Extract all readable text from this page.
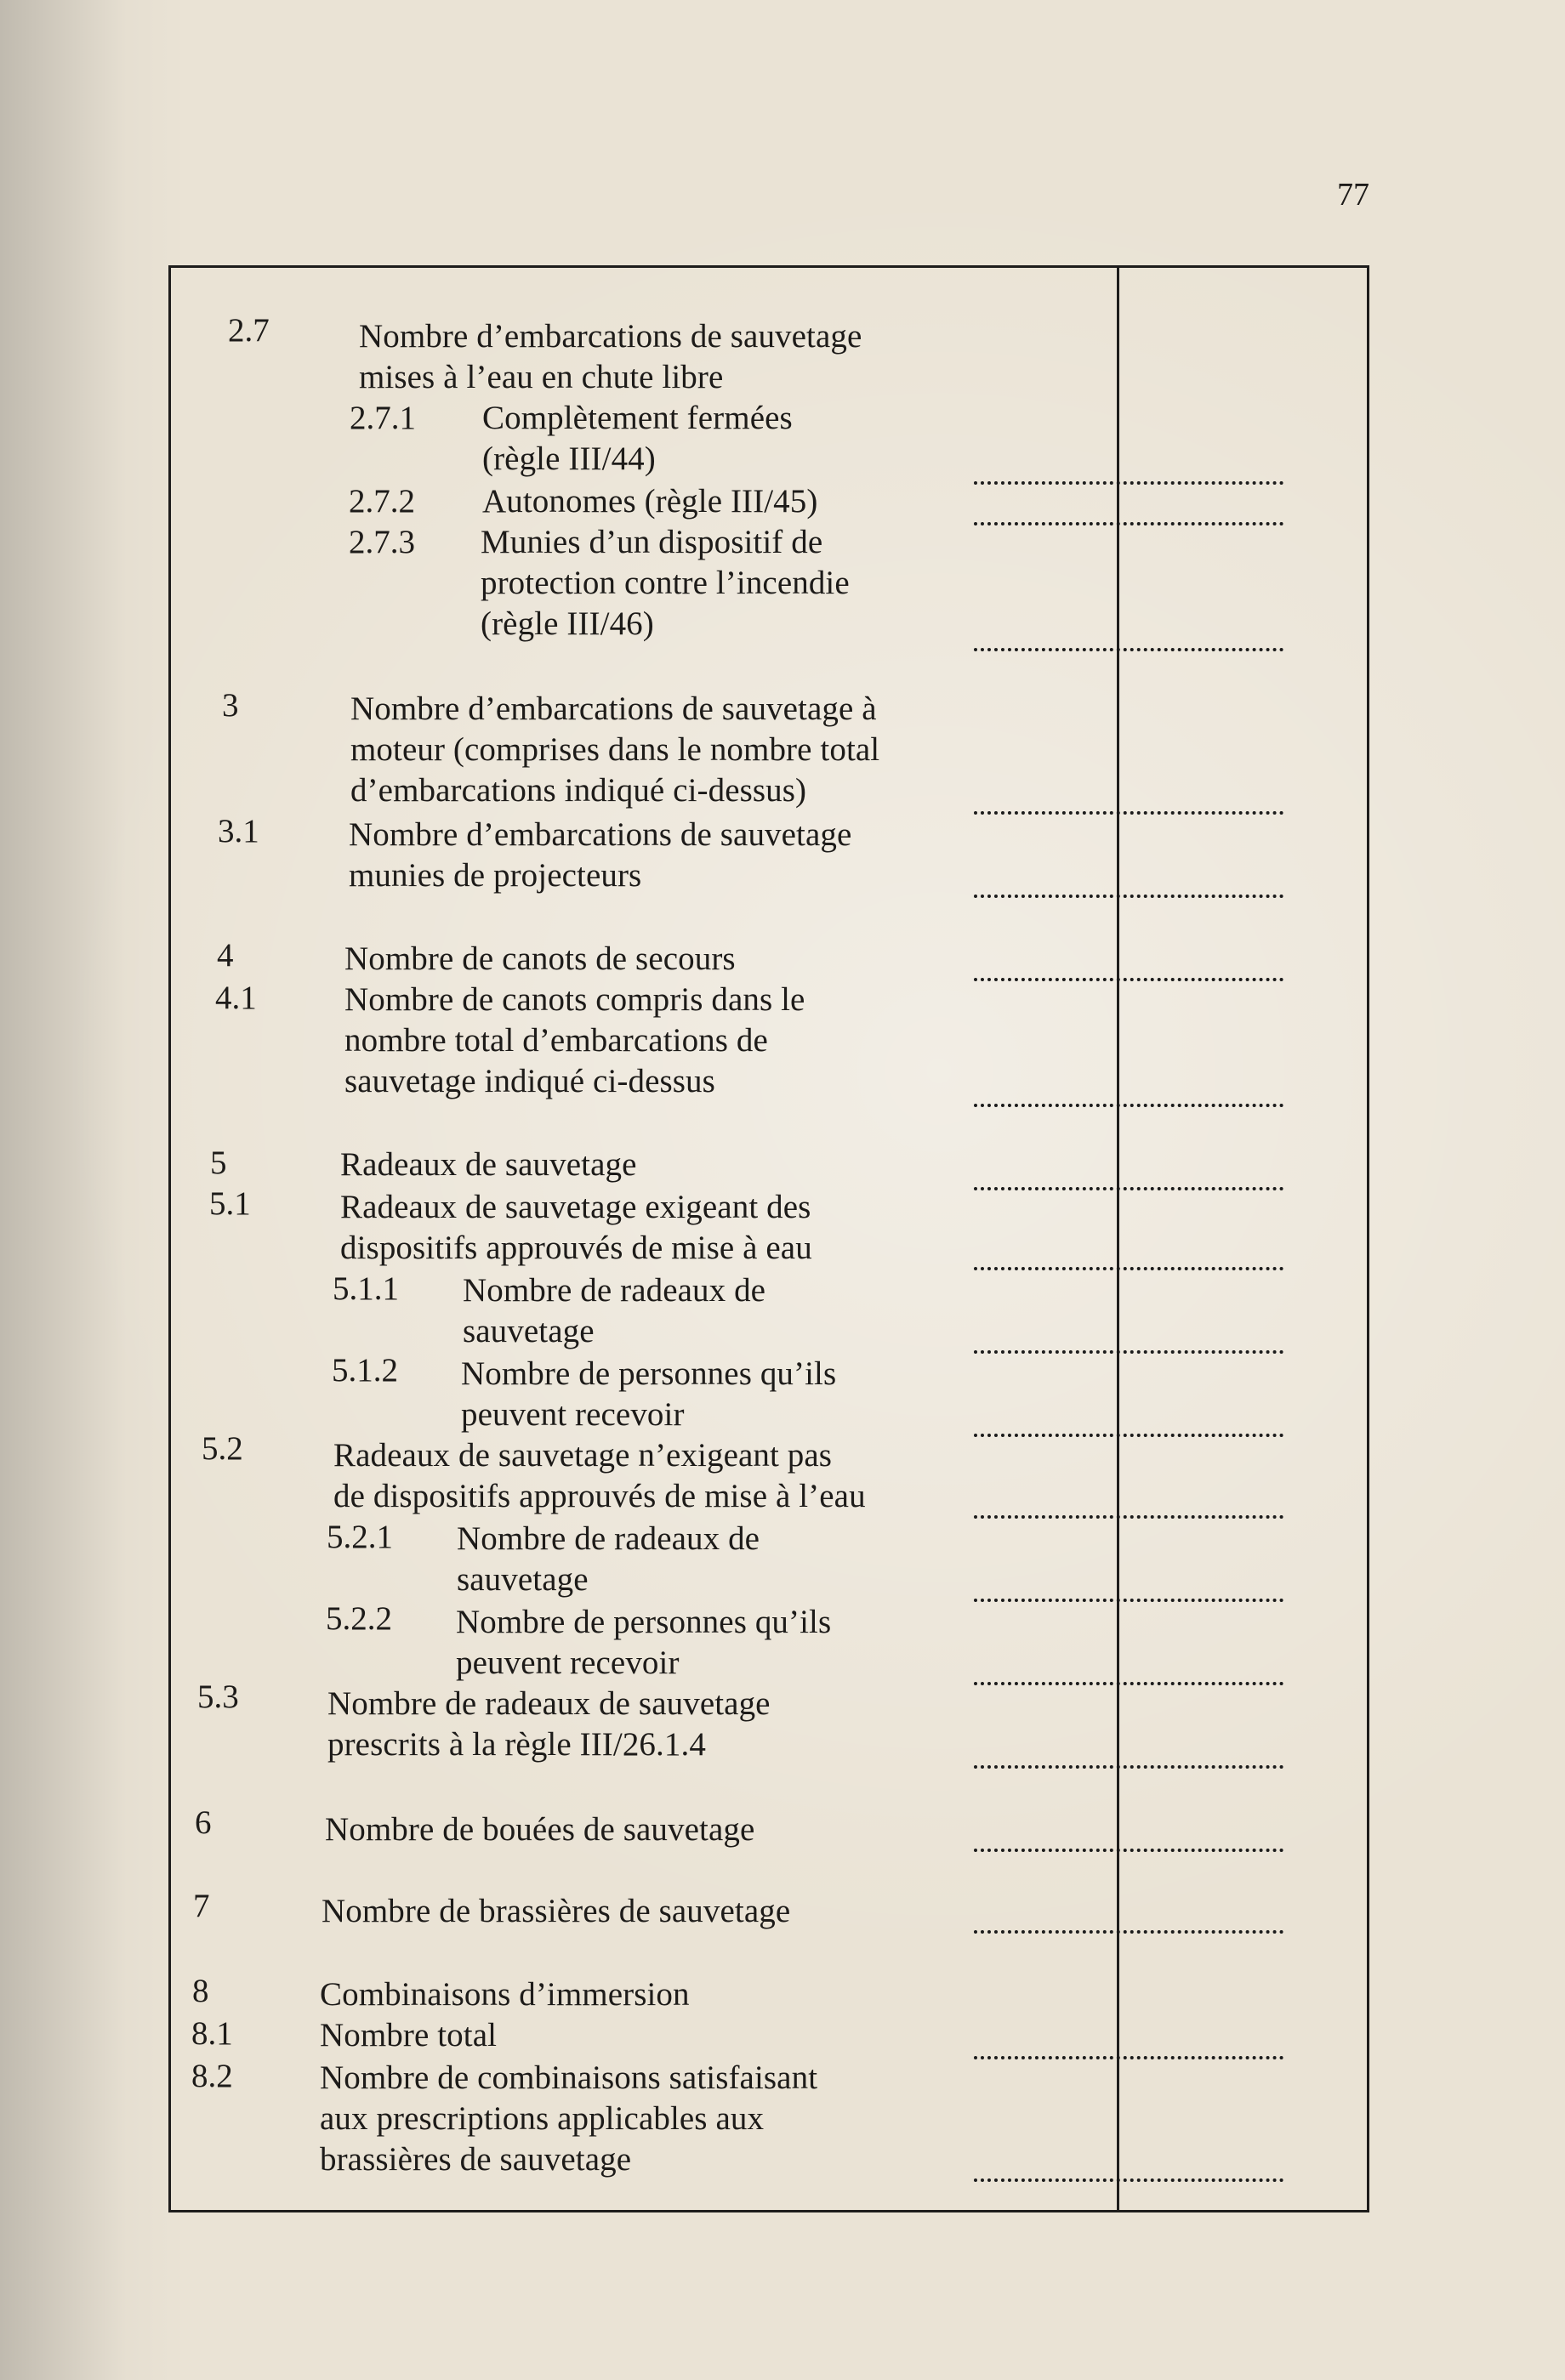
77
2.7	Nombre d’embarcations de sauvetage
mises à l’eau en chute libre
2.7.1 Complètement fermées
(règle III/44)
2.7.2 Autonomes (règle III/45)
2.7.3 Munies d’un dispositif de
protection contre l’incendie
(règle III/46)
3	Nombre d’embarcations de sauvetage à
moteur (comprises dans le nombre total
d’embarcations indiqué ci-dessus)
3.1	Nombre d’embarcations de sauvetage
munies de projecteurs
4	Nombre de canots de secours
4.1	Nombre de canots compris dans le
nombre total d’embarcations de
sauvetage indiqué ci-dessus
5	Radeaux de sauvetage
5.1	Radeaux de sauvetage exigeant des
dispositifs approuvés de mise à eau
5.1.1 Nombre de radeaux de
sauvetage
5.1.2 Nombre de personnes qu’ils
peuvent recevoir
5.2	Radeaux de sauvetage n’exigeant pas
de dispositifs approuvés de mise à l’eau
5.2.1 Nombre de radeaux de
sauvetage
5.2.2 Nombre de personnes qu’ils
peuvent recevoir
5.3	Nombre de radeaux de sauvetage
prescrits à la règle III/26.1.4
6	Nombre de bouées de sauvetage
7	Nombre de brassières de sauvetage
8	Combinaisons d’immersion
8.1	Nombre total
8.2	Nombre de combinaisons satisfaisant
aux prescriptions applicables aux
brassières de sauvetage
